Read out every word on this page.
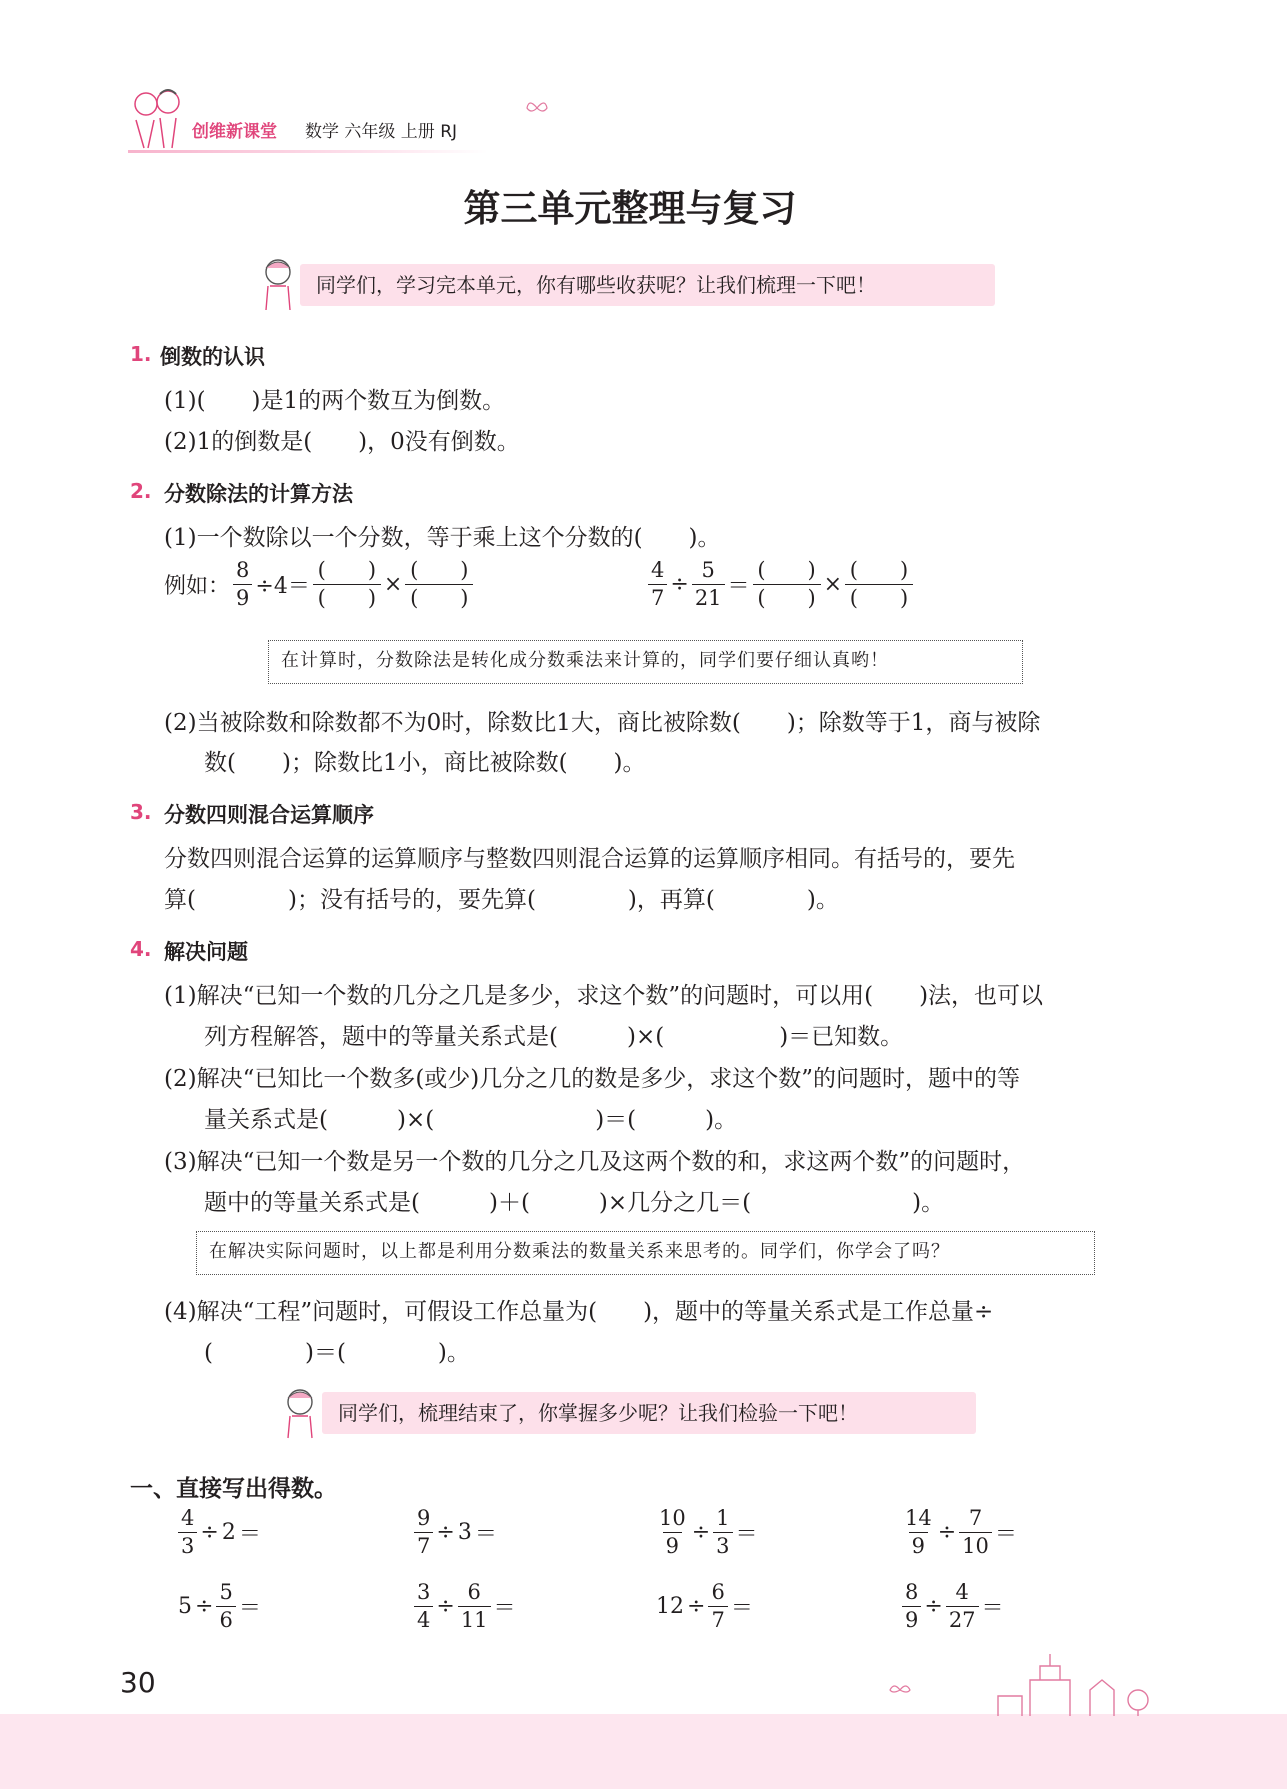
创维新课堂 数学 六年级 上册 RJ
第三单元整理与复习
同学们，学习完本单元，你有哪些收获呢？让我们梳理一下吧！
1. 倒数的认识
(1)(　　)是1的两个数互为倒数。
(2)1的倒数是(　　)，0没有倒数。
2. 分数除法的计算方法
(1)一个数除以一个分数，等于乘上这个分数的(　　)。
例如： $\frac{8}{9} \div 4= \frac{( )}{( )} \times \frac{( )}{( )}$	$\frac{4}{7} \div \frac{5}{21} = \frac{( )}{( )} \times \frac{( )}{( )}$
在计算时，分数除法是转化成分数乘法来计算的，同学们要仔细认真哟！
(2)当被除数和除数都不为0时，除数比1大，商比被除数(　　)；除数等于1，商与被除
数(　　)；除数比1小，商比被除数(　　)。
3. 分数四则混合运算顺序
分数四则混合运算的运算顺序与整数四则混合运算的运算顺序相同。有括号的，要先
算(　　　　)；没有括号的，要先算(　　　　)，再算(　　　　)。
4. 解决问题
(1)解决“已知一个数的几分之几是多少，求这个数”的问题时，可以用(　　)法，也可以
列方程解答，题中的等量关系式是(　　　)×(　　　　　)＝已知数。
(2)解决“已知比一个数多(或少)几分之几的数是多少，求这个数”的问题时，题中的等
量关系式是(　　　)×(　　　　　　　)＝(　　　)。
(3)解决“已知一个数是另一个数的几分之几及这两个数的和，求这两个数”的问题时，
题中的等量关系式是(　　　)＋(　　　)×几分之几＝(　　　　　　　)。
在解决实际问题时，以上都是利用分数乘法的数量关系来思考的。同学们，你学会了吗？
(4)解决“工程”问题时，可假设工作总量为(　　)，题中的等量关系式是工作总量÷
(　　　　)＝(　　　　)。
同学们，梳理结束了，你掌握多少呢？让我们检验一下吧！
一、直接写出得数。
$\frac{4}{3} \div 2$ ＝	$\frac{9}{7} \div 3$ ＝	$\frac{10}{9} \div \frac{1}{3}$ ＝	$\frac{14}{9} \div \frac{7}{10}$ ＝
$5 \div \frac{5}{6}$ ＝	$\frac{3}{4} \div \frac{6}{11}$ ＝	$12 \div \frac{6}{7}$ ＝	$\frac{8}{9} \div \frac{4}{27}$ ＝
30
